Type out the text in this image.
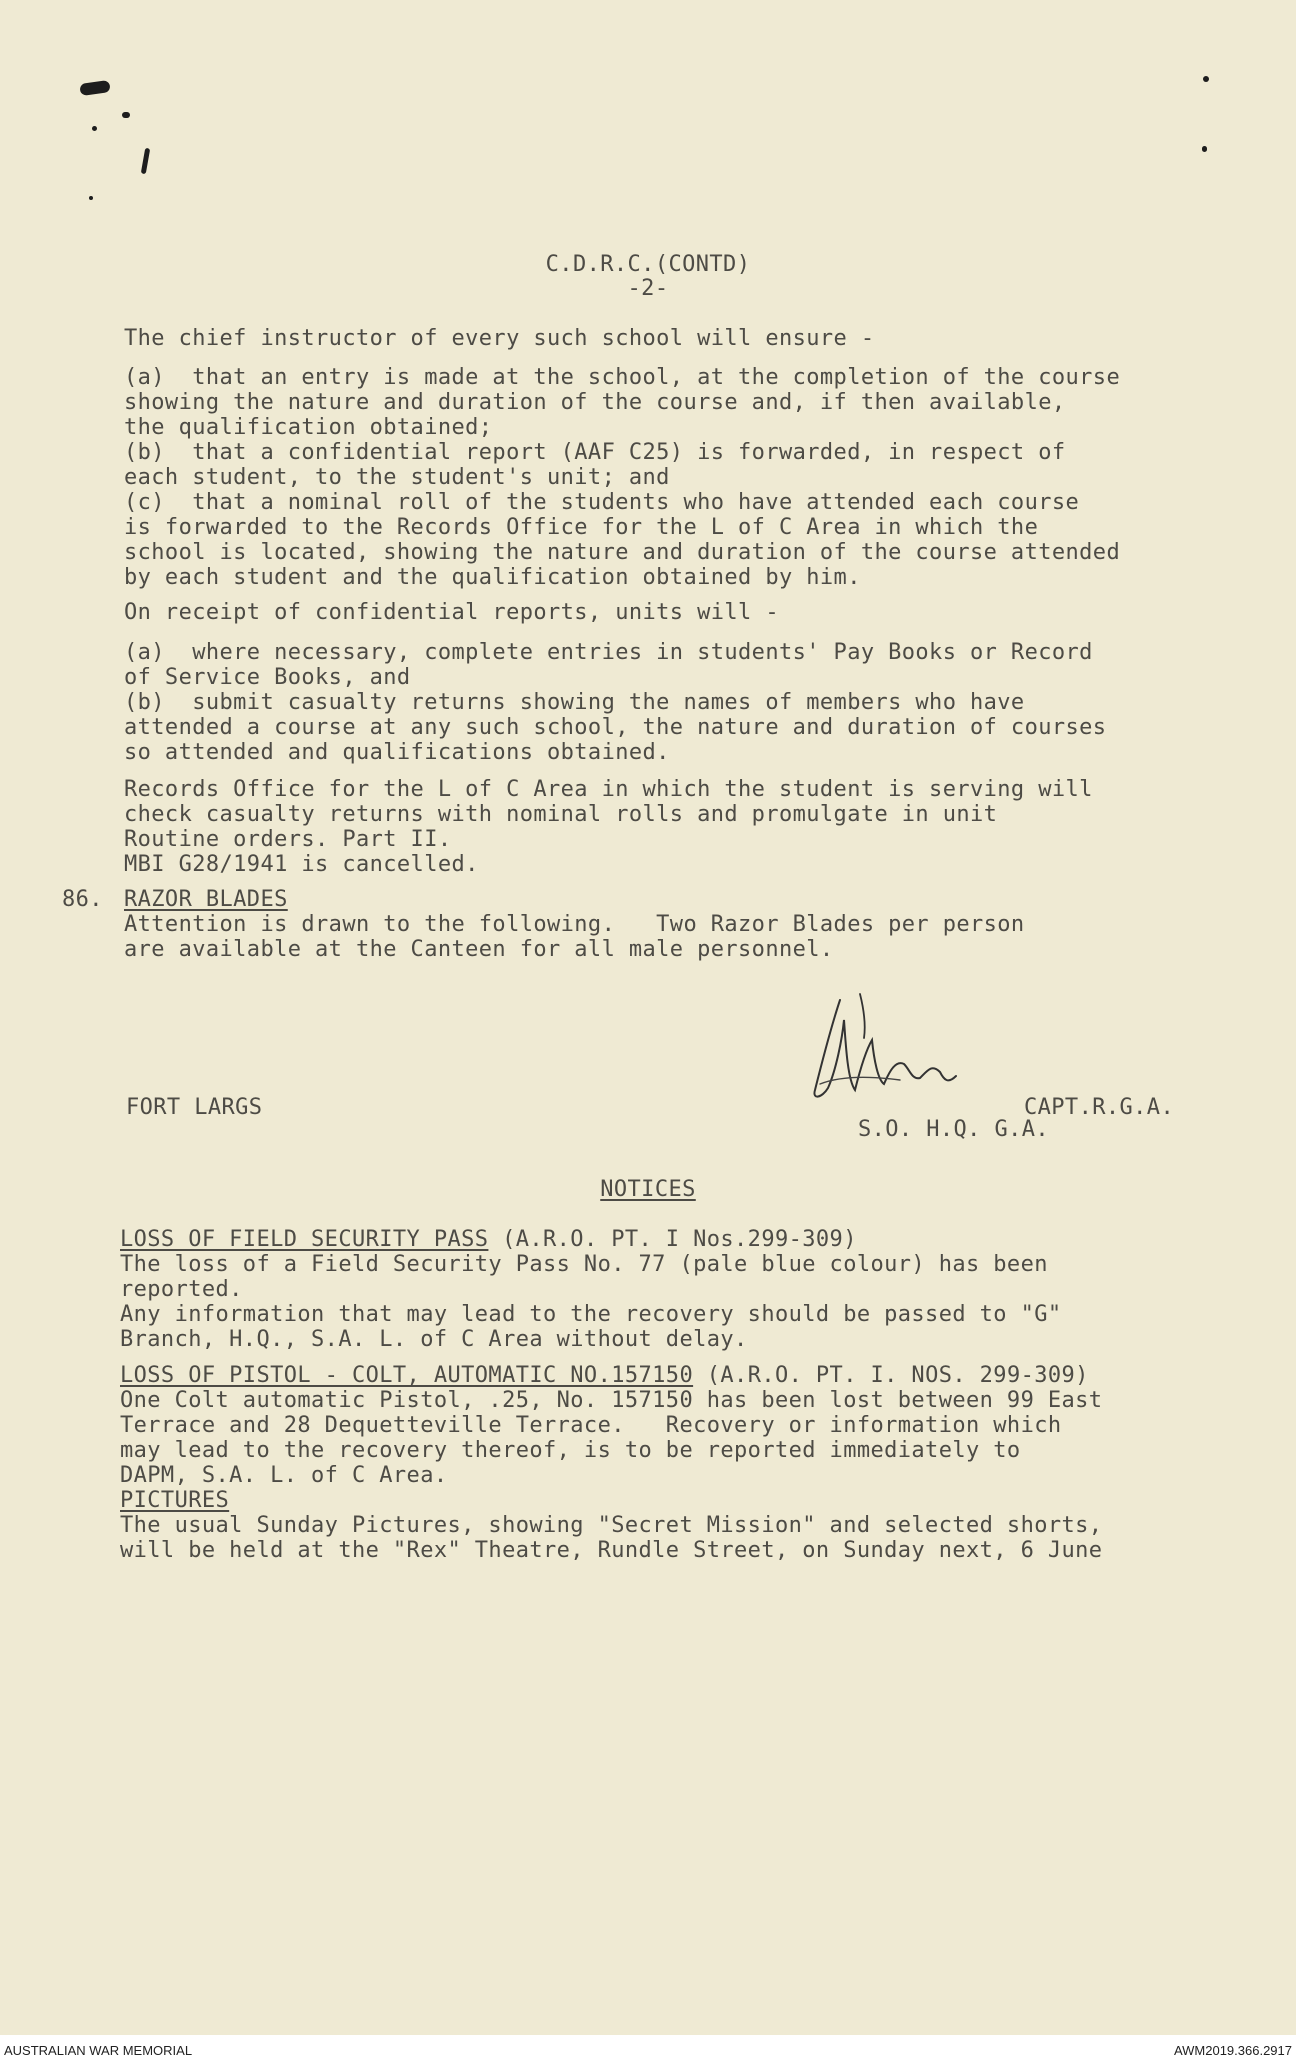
C.D.R.C.(CONTD)
-2-
The chief instructor of every such school will ensure -
(a)  that an entry is made at the school, at the completion of the course
showing the nature and duration of the course and, if then available,
the qualification obtained;
(b)  that a confidential report (AAF C25) is forwarded, in respect of
each student, to the student's unit; and
(c)  that a nominal roll of the students who have attended each course
is forwarded to the Records Office for the L of C Area in which the
school is located, showing the nature and duration of the course attended
by each student and the qualification obtained by him.
On receipt of confidential reports, units will -
(a)  where necessary, complete entries in students' Pay Books or Record
of Service Books, and
(b)  submit casualty returns showing the names of members who have
attended a course at any such school, the nature and duration of courses
so attended and qualifications obtained.
Records Office for the L of C Area in which the student is serving will
check casualty returns with nominal rolls and promulgate in unit
Routine orders. Part II.
MBI G28/1941 is cancelled.
86. RAZOR BLADES
Attention is drawn to the following.   Two Razor Blades per person
are available at the Canteen for all male personnel.
FORT LARGS	CAPT.R.G.A.
S.O. H.Q. G.A.
NOTICES
LOSS OF FIELD SECURITY PASS (A.R.O. PT. I Nos.299-309)
The loss of a Field Security Pass No. 77 (pale blue colour) has been
reported.
Any information that may lead to the recovery should be passed to "G"
Branch, H.Q., S.A. L. of C Area without delay.
LOSS OF PISTOL - COLT, AUTOMATIC NO.157150 (A.R.O. PT. I. NOS. 299-309)
One Colt automatic Pistol, .25, No. 157150 has been lost between 99 East
Terrace and 28 Dequetteville Terrace.   Recovery or information which
may lead to the recovery thereof, is to be reported immediately to
DAPM, S.A. L. of C Area.
PICTURES
The usual Sunday Pictures, showing "Secret Mission" and selected shorts,
will be held at the "Rex" Theatre, Rundle Street, on Sunday next, 6 June
AUSTRALIAN WAR MEMORIAL	AWM2019.366.2917
